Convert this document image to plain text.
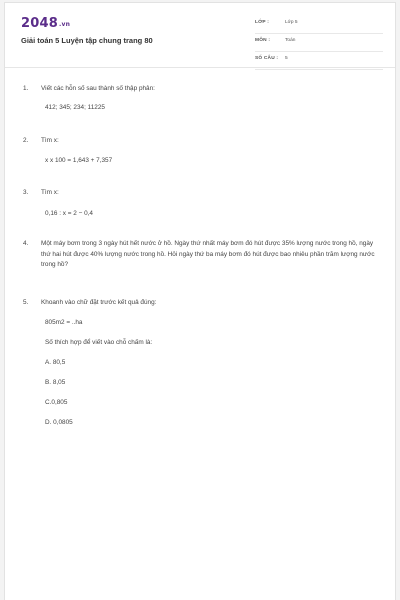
2048.vn
Giải toán 5 Luyện tập chung trang 80
LỚP :	Lớp 5
MÔN :	Toán
SỐ CÂU : 5
1. Viết các hỗn số sau thành số thập phân:
412; 345; 234; 11225
2. Tìm x:
x x 100 = 1,643 + 7,357
3. Tìm x:
0,16 : x = 2 − 0,4
4. Một máy bơm trong 3 ngày hút hết nước ở hồ. Ngày thứ nhất máy bơm đó hút được 35% lượng nước trong hồ, ngày thứ hai hút được 40% lượng nước trong hồ. Hỏi ngày thứ ba máy bơm đó hút được bao nhiêu phần trăm lượng nước trong hồ?
5. Khoanh vào chữ đặt trước kết quả đúng:
805m2 = ..ha
Số thích hợp để viết vào chỗ chấm là:
A. 80,5
B. 8,05
C.0,805
D. 0,0805
